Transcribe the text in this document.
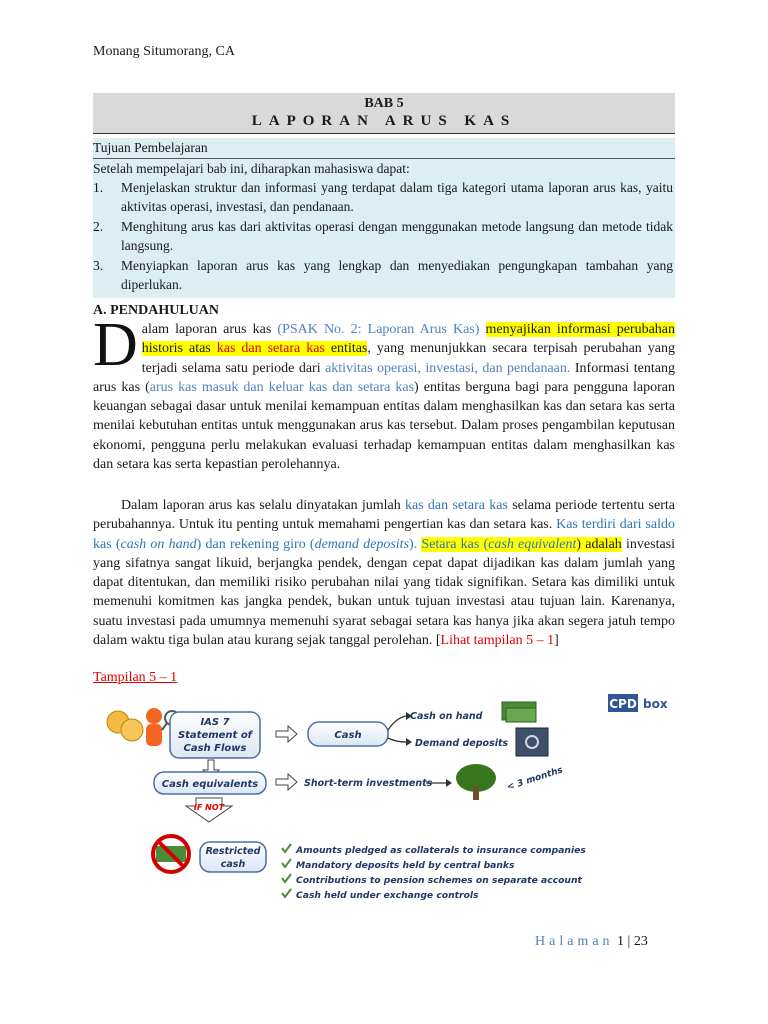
Monang Situmorang, CA
BAB 5
LAPORAN ARUS KAS
Tujuan Pembelajaran
Setelah mempelajari bab ini, diharapkan mahasiswa dapat:
1. Menjelaskan struktur dan informasi yang terdapat dalam tiga kategori utama laporan arus kas, yaitu aktivitas operasi, investasi, dan pendanaan.
2. Menghitung arus kas dari aktivitas operasi dengan menggunakan metode langsung dan metode tidak langsung.
3. Menyiapkan laporan arus kas yang lengkap dan menyediakan pengungkapan tambahan yang diperlukan.
A. PENDAHULUAN
Dalam laporan arus kas (PSAK No. 2: Laporan Arus Kas) menyajikan informasi perubahan historis atas kas dan setara kas entitas, yang menunjukkan secara terpisah perubahan yang terjadi selama satu periode dari aktivitas operasi, investasi, dan pendanaan. Informasi tentang arus kas (arus kas masuk dan keluar kas dan setara kas) entitas berguna bagi para pengguna laporan keuangan sebagai dasar untuk menilai kemampuan entitas dalam menghasilkan kas dan setara kas serta menilai kebutuhan entitas untuk menggunakan arus kas tersebut. Dalam proses pengambilan keputusan ekonomi, pengguna perlu melakukan evaluasi terhadap kemampuan entitas dalam menghasilkan kas dan setara kas serta kepastian perolehannya.
Dalam laporan arus kas selalu dinyatakan jumlah kas dan setara kas selama periode tertentu serta perubahannya. Untuk itu penting untuk memahami pengertian kas dan setara kas. Kas terdiri dari saldo kas (cash on hand) dan rekening giro (demand deposits). Setara kas (cash equivalent) adalah investasi yang sifatnya sangat likuid, berjangka pendek, dengan cepat dapat dijadikan kas dalam jumlah yang dapat ditentukan, dan memiliki risiko perubahan nilai yang tidak signifikan. Setara kas dimiliki untuk memenuhi komitmen kas jangka pendek, bukan untuk tujuan investasi atau tujuan lain. Karenanya, suatu investasi pada umumnya memenuhi syarat sebagai setara kas hanya jika akan segera jatuh tempo dalam waktu tiga bulan atau kurang sejak tanggal perolehan. [Lihat tampilan 5 – 1]
Tampilan 5 – 1
IAS 7
Statement of
Cash Flows
Cash
Cash on hand
Demand deposits
CPD box
Cash equivalents	Short-term investments	< 3 months
IF NOT
Restricted
cash
Amounts pledged as collaterals to insurance companies
Mandatory deposits held by central banks
Contributions to pension schemes on separate account
Cash held under exchange controls
Halaman 1 | 23
